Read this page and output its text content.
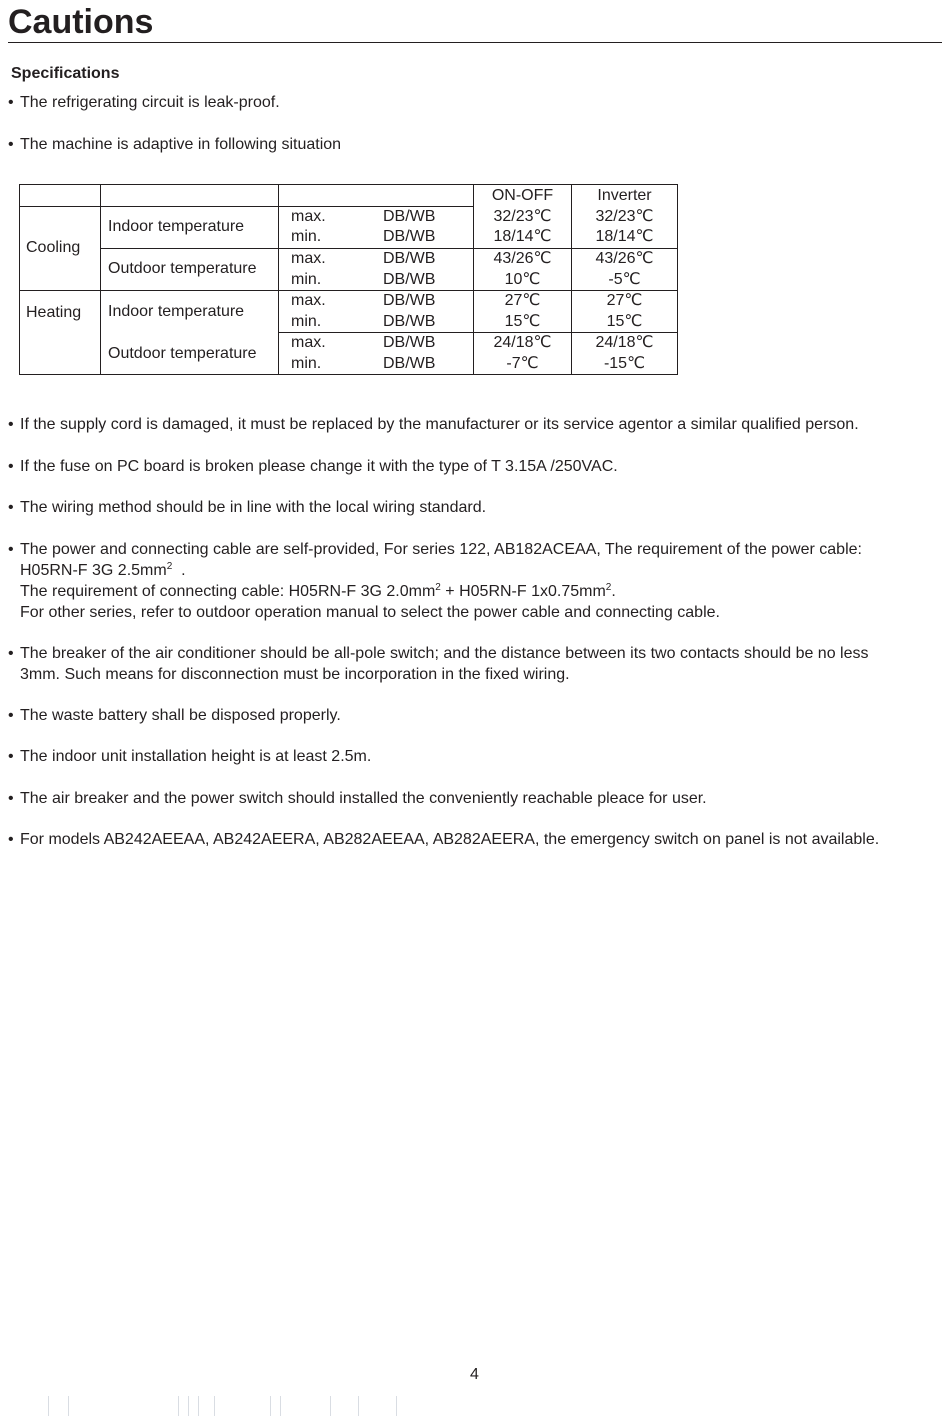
Cautions
Specifications
• The refrigerating circuit is leak-proof.
• The machine is adaptive in following situation
				ON-OFF	Inverter
Cooling	Indoor temperature	max.	DB/WB	32/23℃	32/23℃
		min.	DB/WB	18/14℃	18/14℃
	Outdoor temperature	max.	DB/WB	43/26℃	43/26℃
		min.	DB/WB	10℃	-5℃
Heating	Indoor temperature	max.	DB/WB	27℃	27℃
		min.	DB/WB	15℃	15℃
	Outdoor temperature	max.	DB/WB	24/18℃	24/18℃
		min.	DB/WB	-7℃	-15℃
• If the supply cord is damaged, it must be replaced by the manufacturer or its service agentor a similar qualified person.
• If the fuse on PC board is broken please change it with the type of T 3.15A /250VAC.
• The wiring method should be in line with the local wiring standard.
• The power and connecting cable are self-provided, For series 122, AB182ACEAA, The requirement of the power cable:
H05RN-F 3G $2.5mm^2$ .
The requirement of connecting cable: H05RN-F 3G $2.0mm^2 + H05RN-F$ $1x0.75mm^2$.
For other series, refer to outdoor operation manual to select the power cable and connecting cable.
• The breaker of the air conditioner should be all-pole switch; and the distance between its two contacts should be no less
3mm. Such means for disconnection must be incorporation in the fixed wiring.
• The waste battery shall be disposed properly.
• The indoor unit installation height is at least 2.5m.
• The air breaker and the power switch should installed the conveniently reachable pleace for user.
• For models AB242AEEAA, AB242AEERA, AB282AEEAA, AB282AEERA, the emergency switch on panel is not available.
4
